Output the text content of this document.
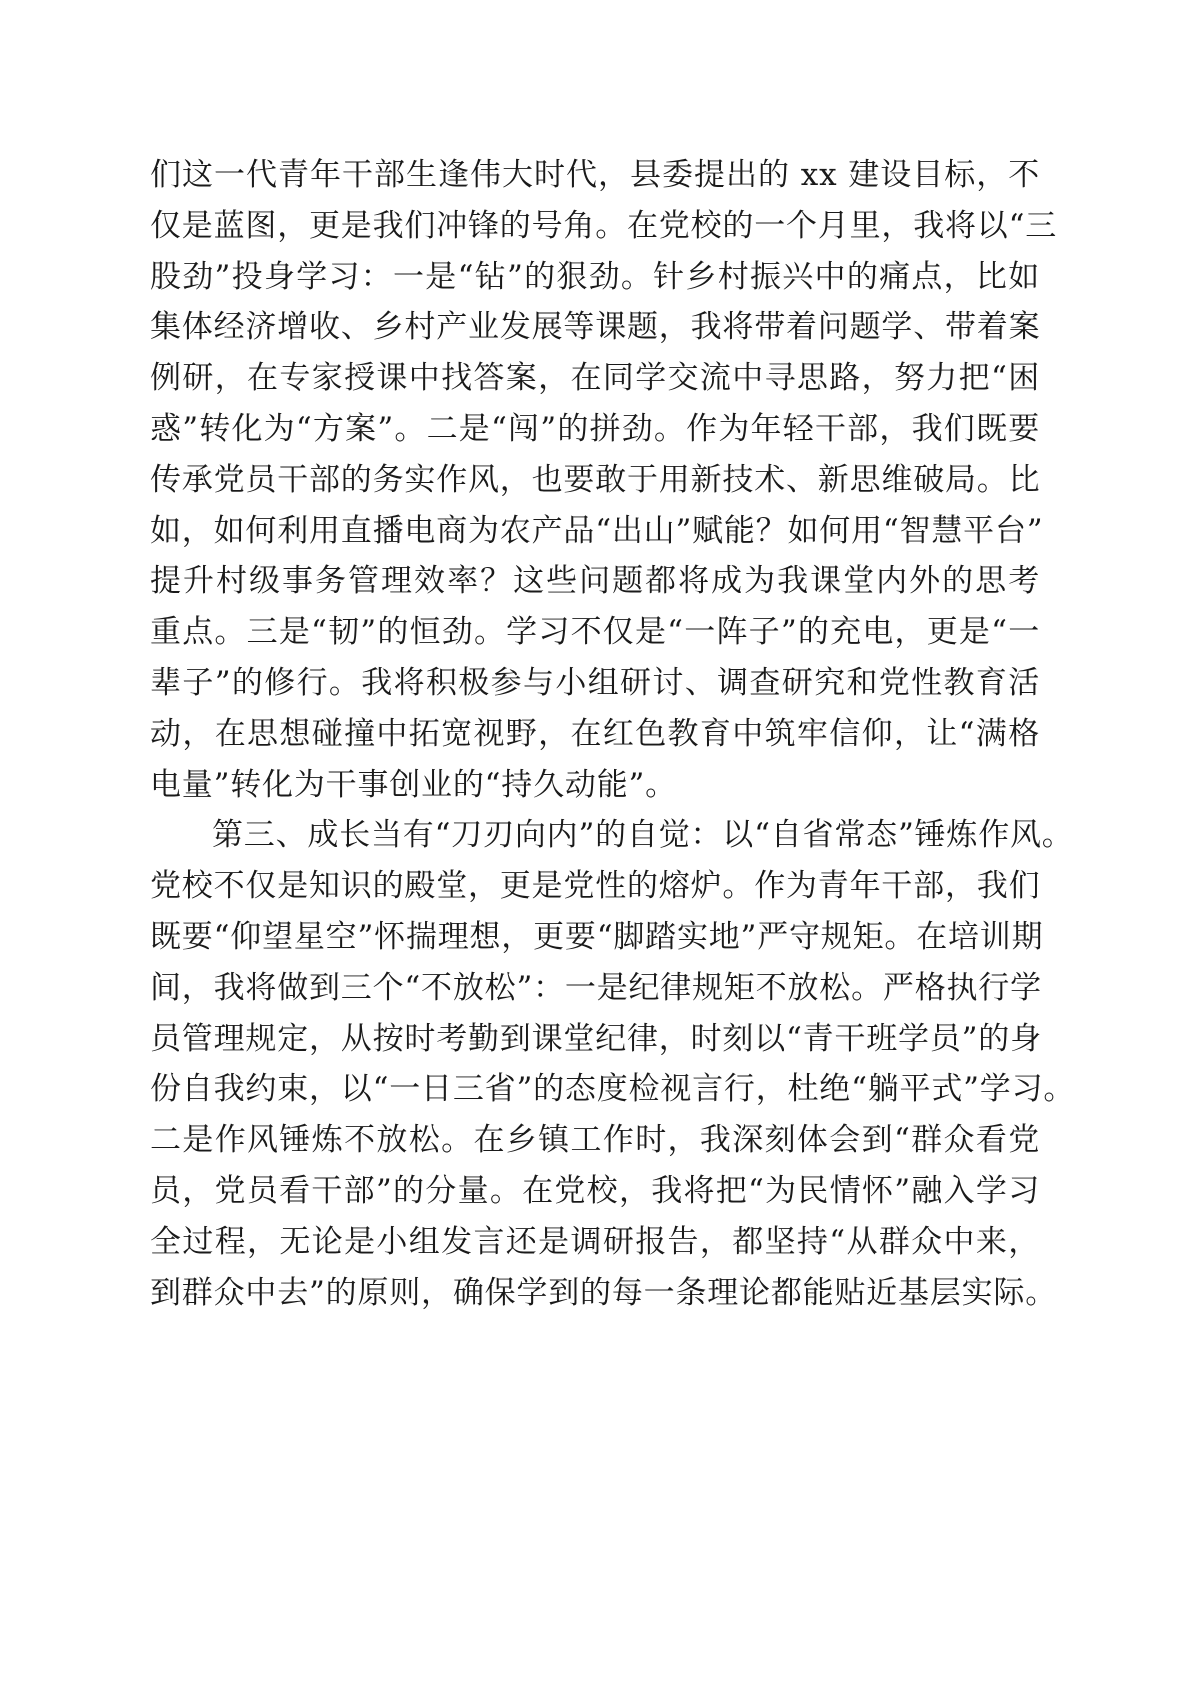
们这一代青年干部生逢伟大时代，县委提出的 xx 建设目标，不
仅是蓝图，更是我们冲锋的号角。在党校的一个月里，我将以“三
股劲”投身学习：一是“钻”的狠劲。针乡村振兴中的痛点，比如
集体经济增收、乡村产业发展等课题，我将带着问题学、带着案
例研，在专家授课中找答案，在同学交流中寻思路，努力把“困
惑”转化为“方案”。二是“闯”的拼劲。作为年轻干部，我们既要
传承党员干部的务实作风，也要敢于用新技术、新思维破局。比
如，如何利用直播电商为农产品“出山”赋能？如何用“智慧平台”
提升村级事务管理效率？这些问题都将成为我课堂内外的思考
重点。三是“韧”的恒劲。学习不仅是“一阵子”的充电，更是“一
辈子”的修行。我将积极参与小组研讨、调查研究和党性教育活
动，在思想碰撞中拓宽视野，在红色教育中筑牢信仰，让“满格
电量”转化为干事创业的“持久动能”。
第三、成长当有“刀刃向内”的自觉：以“自省常态”锤炼作风。
党校不仅是知识的殿堂，更是党性的熔炉。作为青年干部，我们
既要“仰望星空”怀揣理想，更要“脚踏实地”严守规矩。在培训期
间，我将做到三个“不放松”：一是纪律规矩不放松。严格执行学
员管理规定，从按时考勤到课堂纪律，时刻以“青干班学员”的身
份自我约束，以“一日三省”的态度检视言行，杜绝“躺平式”学习。
二是作风锤炼不放松。在乡镇工作时，我深刻体会到“群众看党
员，党员看干部”的分量。在党校，我将把“为民情怀”融入学习
全过程，无论是小组发言还是调研报告，都坚持“从群众中来，
到群众中去”的原则，确保学到的每一条理论都能贴近基层实际。
